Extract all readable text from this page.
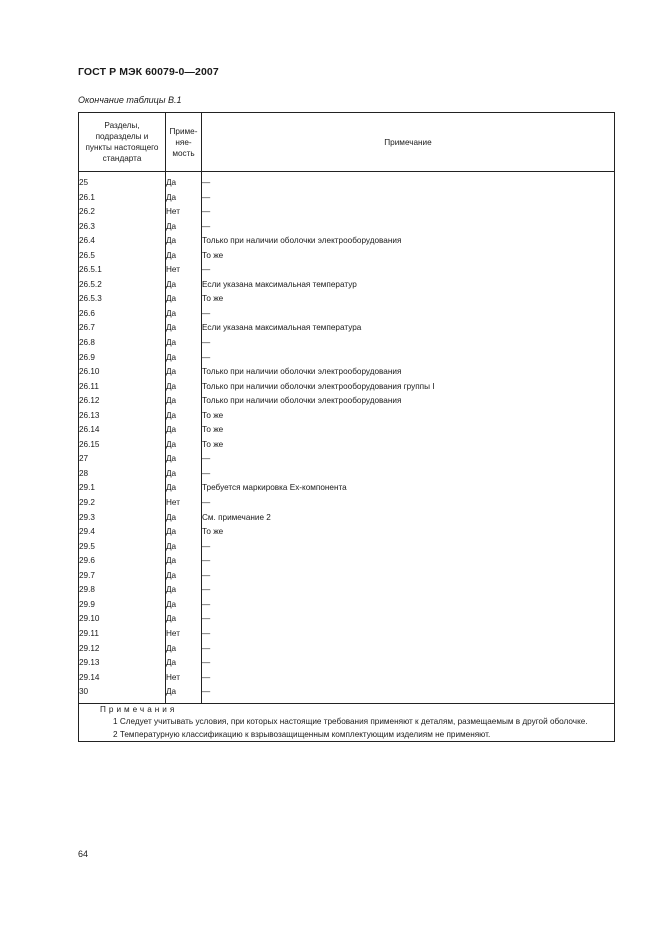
ГОСТ Р МЭК 60079-0—2007
Окончание таблицы В.1
Разделы,
подразделы и
пункты настоящего
стандарта	Приме-
няе-
мость	Примечание

25	Да	—
26.1	Да	—
26.2	Нет	—
26.3	Да	—
26.4	Да	Только при наличии оболочки электрооборудования
26.5	Да	То же
26.5.1	Нет	—
26.5.2	Да	Если указана максимальная температур
26.5.3	Да	То же
26.6	Да	—
26.7	Да	Если указана максимальная температура
26.8	Да	—
26.9	Да	—
26.10	Да	Только при наличии оболочки электрооборудования
26.11	Да	Только при наличии оболочки электрооборудования группы I
26.12	Да	Только при наличии оболочки электрооборудования
26.13	Да	То же
26.14	Да	То же
26.15	Да	То же
27	Да	—
28	Да	—
29.1	Да	Требуется маркировка Ex-компонента
29.2	Нет	—
29.3	Да	См. примечание 2
29.4	Да	То же
29.5	Да	—
29.6	Да	—
29.7	Да	—
29.8	Да	—
29.9	Да	—
29.10	Да	—
29.11	Нет	—
29.12	Да	—
29.13	Да	—
29.14	Нет	—
30	Да	—

Примечания
1 Следует учитывать условия, при которых настоящие требования применяют к деталям, размещаемым в другой оболочке.
2 Температурную классификацию к взрывозащищенным комплектующим изделиям не применяют.		
64
